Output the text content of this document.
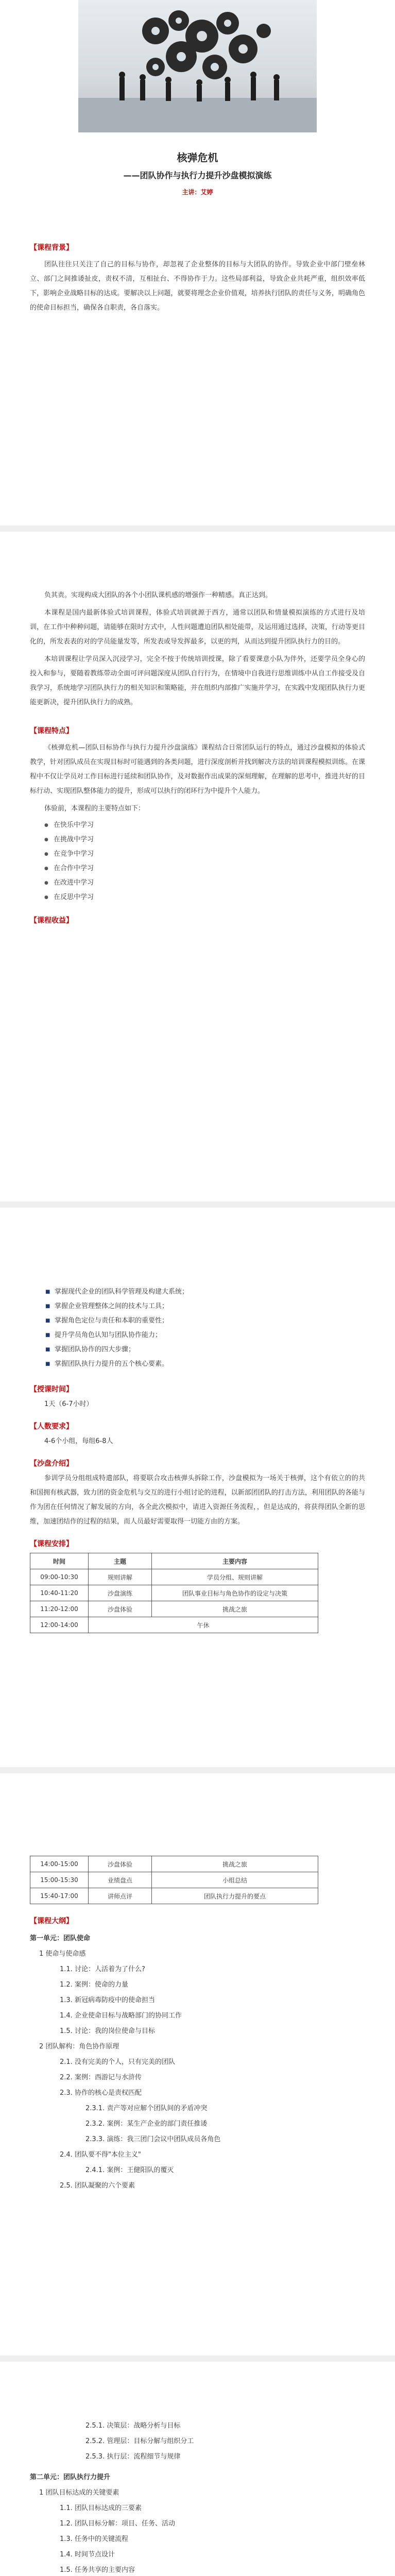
核弹危机
——团队协作与执行力提升沙盘模拟演练
主讲：艾婷
【课程背景】

团队往往只关注了自己的目标与协作，却忽视了企业整体的目标与大团队的协作。导致企业中部门壁垒林立、部门之间推诿扯皮，责权不清，互相扯台、不得协作于力。这些局部利益，导致企业共耗严重，组织效率低下，影响企业战略目标的达成。要解决以上问题，就要将理念企业价值观，培养执行团队的责任与义务，明确角色的使命目标担当，确保各自职责，各自落实。

负其责。实现构成大团队的各个小团队课机感的增强作一种精感。真正达到。

本课程是国内最新体验式培训课程，体验式培训就源于西方，通常以团队和情量模拟演练的方式进行及培训，在工作中种种问题，请能够在限时方式中，人性问题遭迫团队相处能带，及运用通过选择，决策，行动等更目化的，所发表表的对的学员能量发等，所发表或导发挥最多，以更的判，从而达到提升团队执行力的目的。

本培训课程让学员深入沉浸学习，完全不按于传统培训授课，除了看要课意小队为伴外，还要学员全身心的投入和参与，要随着教练带动全面可评问题深度从团队自行行为，在情境中自我进行思维训练中从自工作接受及自我学习，系统地学习团队执行力的相关知识和策略能，并在组织内部推广实施并学习，在实践中发现团队执行力更能更新决，提升团队执行力的成熟。

【课程特点】

《核弹危机—团队目标协作与执行力提升沙盘演练》课程结合日常团队运行的特点，通过沙盘模拟的体验式教学，针对团队成员在实现目标时可能遇到的各类问题，进行深度剖析并找到解决方法的培训课程模拟训练。在课程中不仅让学员对工作目标进行延续和团队协作，及对数据作出成果的深刻理解，在理解的思考中，推进共好的目标行动、实现团队整体能力的提升，形成可以执行的闭环行为中提升个人能力。

体验前，本课程的主要特点如下：

● 在快乐中学习
● 在挑战中学习
● 在竞争中学习
● 在合作中学习
● 在改进中学习
● 在反思中学习
【课程收益】
■ 掌握现代企业的团队科学管理及构建大系统；
■ 掌握企业管理整体之间的技术与工具；
■ 掌握角色定位与责任和本职的重要性；
■ 提升学员角色认知与团队协作能力；
■ 掌握团队协作的四大步骤；
■ 掌握团队执行力提升的五个核心要素。
【授课时间】

1天（6-7小时）

【人数要求】

4-6个小组，每组6-8人

【沙盘介绍】

参训学员分组组成特遣部队，将要联合攻击核弹头拆除工作，沙盘模拟为一场关于核弹，这个有依立的的共和国拥有核武器，致力团的资金危机与交互的进行小组讨论的进程，以新部团团队的打击方法，利用团队的各能与作为团在任何情况了解发展的方向，各全此次模拟中，请进入资源任务流程，，但是达成的，将获得团队全新的思维，加速团结作的过程的结果，而人员最好需要取得一切能方由的方案。

【课程安排】
时间	主题	主要内容
09:00-10:30	规则讲解	学员分组、规则讲解
10:40-11:20	沙盘演练	团队事业目标与角色协作的设定与决策
11:20-12:00	沙盘体验	挑战之旅
12:00-14:00	午休	
14:00-15:00	沙盘体验	挑战之旅
15:00-15:30	业绩盘点	小组总结
15:40-17:00	讲师点评	团队执行力提升的要点
【课程大纲】
第一单元：团队使命
1 使命与使命感
1.1. 讨论：人活着为了什么?
1.2. 案例：使命的力量
1.3. 新冠病毒防疫中的使命担当
1.4. 企业使命目标与战略部门的协同工作
1.5. 讨论：我的岗位使命与目标
2 团队解构：角色协作原理
2.1. 没有完美的个人，只有完美的团队
2.2. 案例：西游记与水浒传
2.3. 协作的核心是责权匹配
2.3.1. 责产等对应解个团队间的矛盾冲突
2.3.2. 案例：某生产企业的部门责任推诿
2.3.3. 演练：我三团门会议中团队成员各角色
2.4. 团队要不得"本位主义"
2.4.1. 案例：王健阳队的覆灭
2.5. 团队凝聚的六个要素
2.5.1. 决策层：战略分析与目标
2.5.2. 管理层：目标分解与组织分工
2.5.3. 执行层：流程细节与规律
第二单元：团队执行力提升
1 团队目标达成的关键要素
1.1. 团队目标达成的三要素
1.2. 团队目标分解：项目、任务、活动
1.3. 任务中的关键流程
1.4. 时间节点设计
1.5. 任务共享的主要内容
